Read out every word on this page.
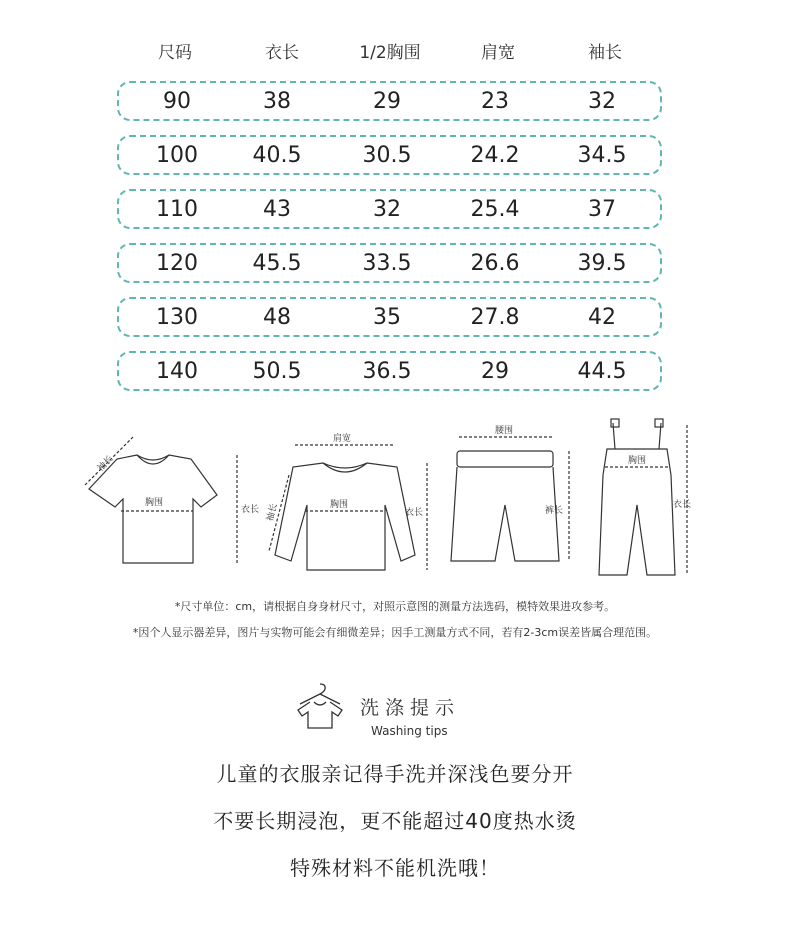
尺码	衣长	1/2胸围	肩宽	袖长
90	38	29	23	32
100	40.5	30.5	24.2	34.5
110	43	32	25.4	37
120	45.5	33.5	26.6	39.5
130	48	35	27.8	42
140	50.5	36.5	29	44.5
袖长
胸围
衣长
肩宽
胸围
衣长
袖长
腰围
裤长
胸围
衣长
*尺寸单位：cm，请根据自身身材尺寸，对照示意图的测量方法选码，模特效果进攻参考。
*因个人显示器差异，图片与实物可能会有细微差异；因手工测量方式不同，若有2-3cm误差皆属合理范围。
洗涤提示
Washing tips
儿童的衣服亲记得手洗并深浅色要分开
不要长期浸泡，更不能超过40度热水烫
特殊材料不能机洗哦！
